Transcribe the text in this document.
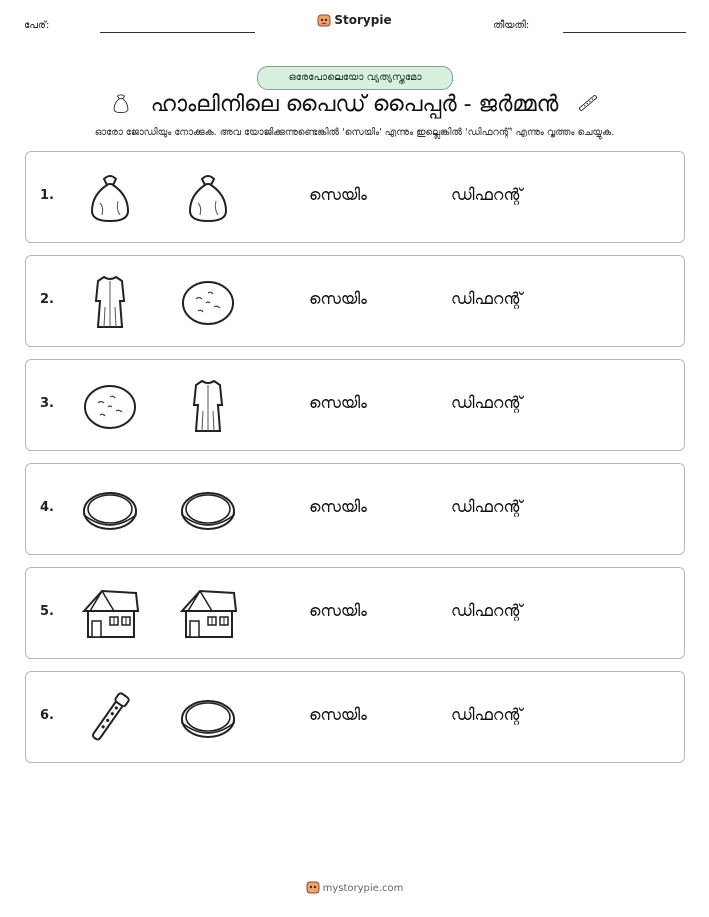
പേര്:	Storypie	തീയതി:
ഒരേപോലെയോ വ്യത്യസ്തമോ
ഹാംലിനിലെ പൈഡ് പൈപ്പർ - ജർമ്മൻ
ഓരോ ജോഡിയും നോക്കുക. അവ യോജിക്കുന്നുണ്ടെങ്കിൽ 'സെയിം' എന്നും ഇല്ലെങ്കിൽ 'ഡിഫറന്റ്' എന്നും വൃത്തം ചെയ്യുക.
1.	സെയിം	ഡിഫറന്റ്
2.	സെയിം	ഡിഫറന്റ്
3.	സെയിം	ഡിഫറന്റ്
4.	സെയിം	ഡിഫറന്റ്
5.	സെയിം	ഡിഫറന്റ്
6.	സെയിം	ഡിഫറന്റ്
mystorypie.com
